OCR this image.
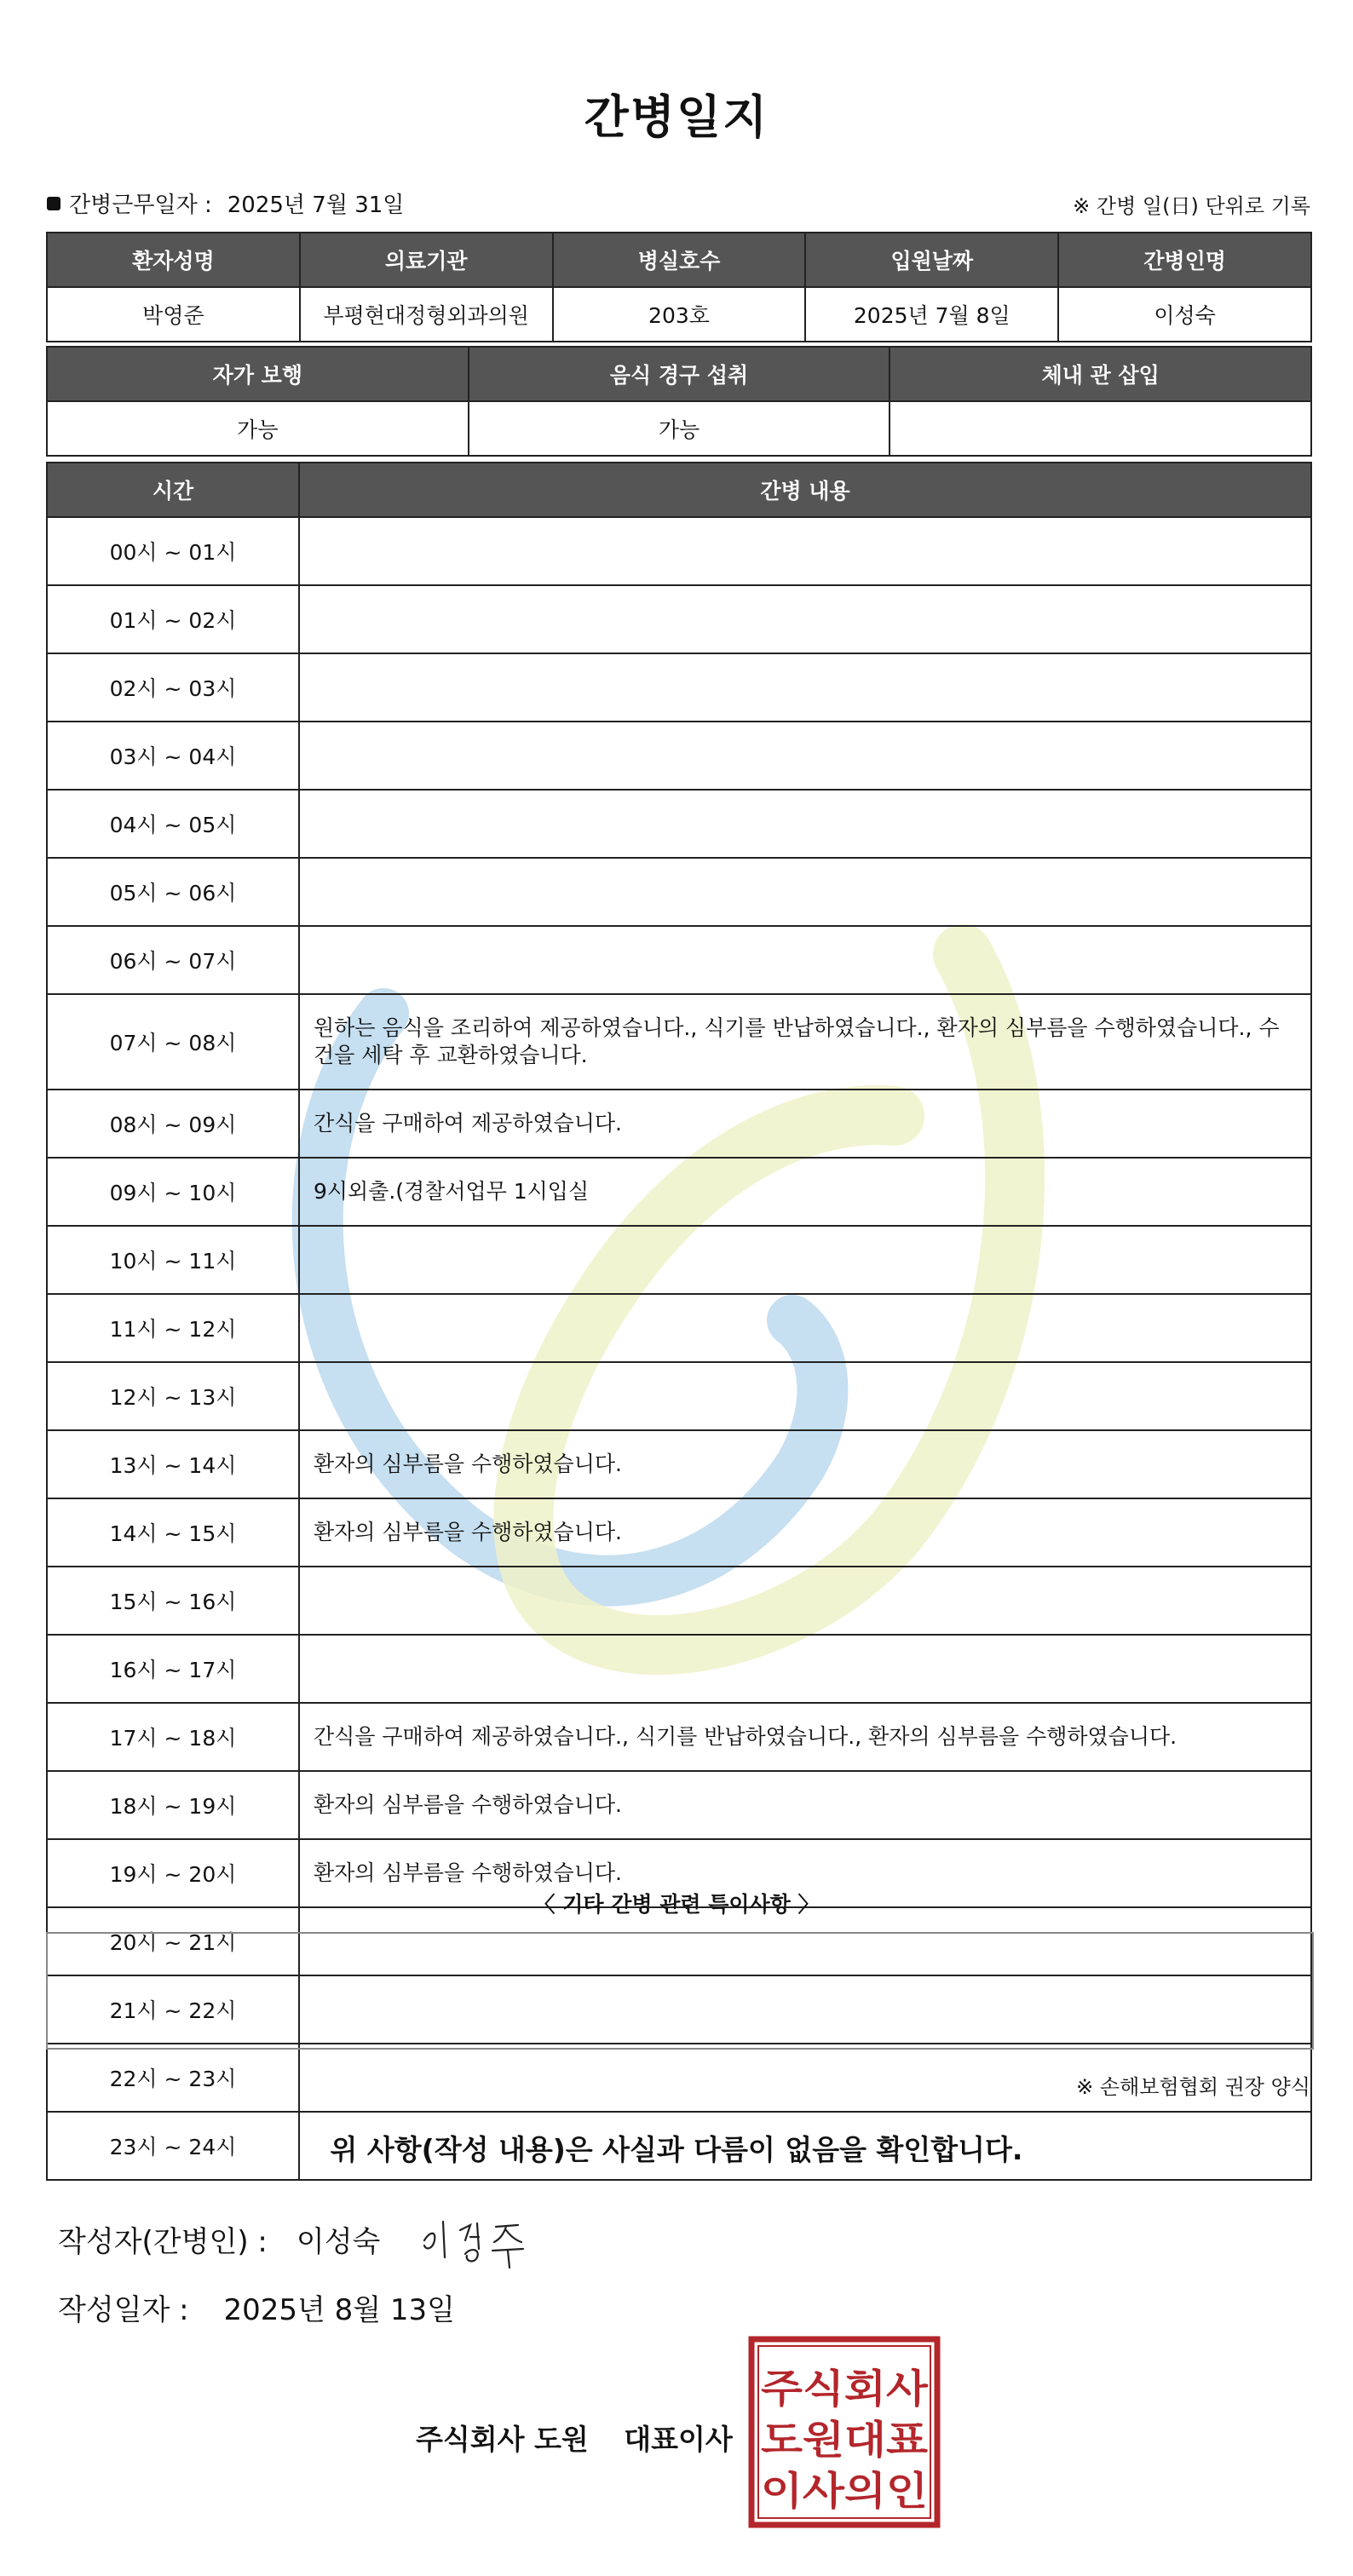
간병일지
간병근무일자 : 2025년 7월 31일	※ 간병 일(日) 단위로 기록
환자성명	의료기관	병실호수	입원날짜	간병인명
박영준	부평현대정형외과의원	203호	2025년 7월 8일	이성숙
자가 보행	음식 경구 섭취	체내 관 삽입
가능	가능	
시간	간병 내용
00시 ~ 01시	
01시 ~ 02시	
02시 ~ 03시	
03시 ~ 04시	
04시 ~ 05시	
05시 ~ 06시	
06시 ~ 07시	
07시 ~ 08시	원하는 음식을 조리하여 제공하였습니다., 식기를 반납하였습니다., 환자의 심부름을 수행하였습니다., 수건을 세탁 후 교환하였습니다.
08시 ~ 09시	간식을 구매하여 제공하였습니다.
09시 ~ 10시	9시외출.(경찰서업무 1시입실
10시 ~ 11시	
11시 ~ 12시	
12시 ~ 13시	
13시 ~ 14시	환자의 심부름을 수행하였습니다.
14시 ~ 15시	환자의 심부름을 수행하였습니다.
15시 ~ 16시	
16시 ~ 17시	
17시 ~ 18시	간식을 구매하여 제공하였습니다., 식기를 반납하였습니다., 환자의 심부름을 수행하였습니다.
18시 ~ 19시	환자의 심부름을 수행하였습니다.
19시 ~ 20시	환자의 심부름을 수행하였습니다.
20시 ~ 21시	
21시 ~ 22시	
22시 ~ 23시	
23시 ~ 24시	
〈 기타 간병 관련 특이사항 〉
※ 손해보험협회 권장 양식
위 사항(작성 내용)은 사실과 다름이 없음을 확인합니다.
작성자(간병인) : 이성숙
작성일자 : 2025년 8월 13일
주식회사 도원 대표이사
주식회사
도원대표
이사의인
